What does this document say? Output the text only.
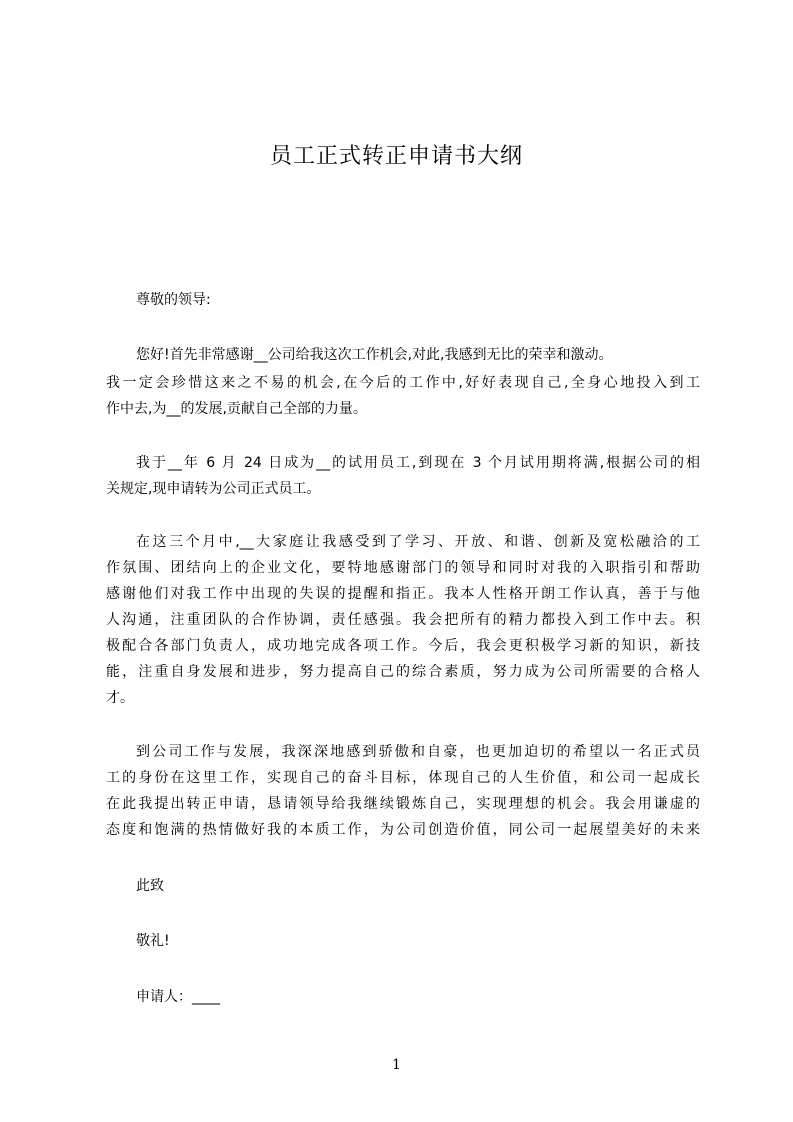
员工正式转正申请书大纲
尊敬的领导:
您好!首先非常感谢__公司给我这次工作机会,对此,我感到无比的荣幸和激动。
我一定会珍惜这来之不易的机会,在今后的工作中,好好表现自己,全身心地投入到工
作中去,为__的发展,贡献自己全部的力量。
我于__年 6 月 24 日成为__的试用员工,到现在 3 个月试用期将满,根据公司的相
关规定,现申请转为公司正式员工。
在这三个月中,__大家庭让我感受到了学习、开放、和谐、创新及宽松融洽的工
作氛围、团结向上的企业文化，要特地感谢部门的领导和同时对我的入职指引和帮助
感谢他们对我工作中出现的失误的提醒和指正。我本人性格开朗工作认真，善于与他
人沟通，注重团队的合作协调，责任感强。我会把所有的精力都投入到工作中去。积
极配合各部门负责人，成功地完成各项工作。今后，我会更积极学习新的知识，新技
能，注重自身发展和进步，努力提高自己的综合素质，努力成为公司所需要的合格人
才。
到公司工作与发展，我深深地感到骄傲和自豪，也更加迫切的希望以一名正式员
工的身份在这里工作，实现自己的奋斗目标，体现自己的人生价值，和公司一起成长
在此我提出转正申请，恳请领导给我继续锻炼自己，实现理想的机会。我会用谦虚的
态度和饱满的热情做好我的本质工作，为公司创造价值，同公司一起展望美好的未来
此致
敬礼!
申请人：____
1
